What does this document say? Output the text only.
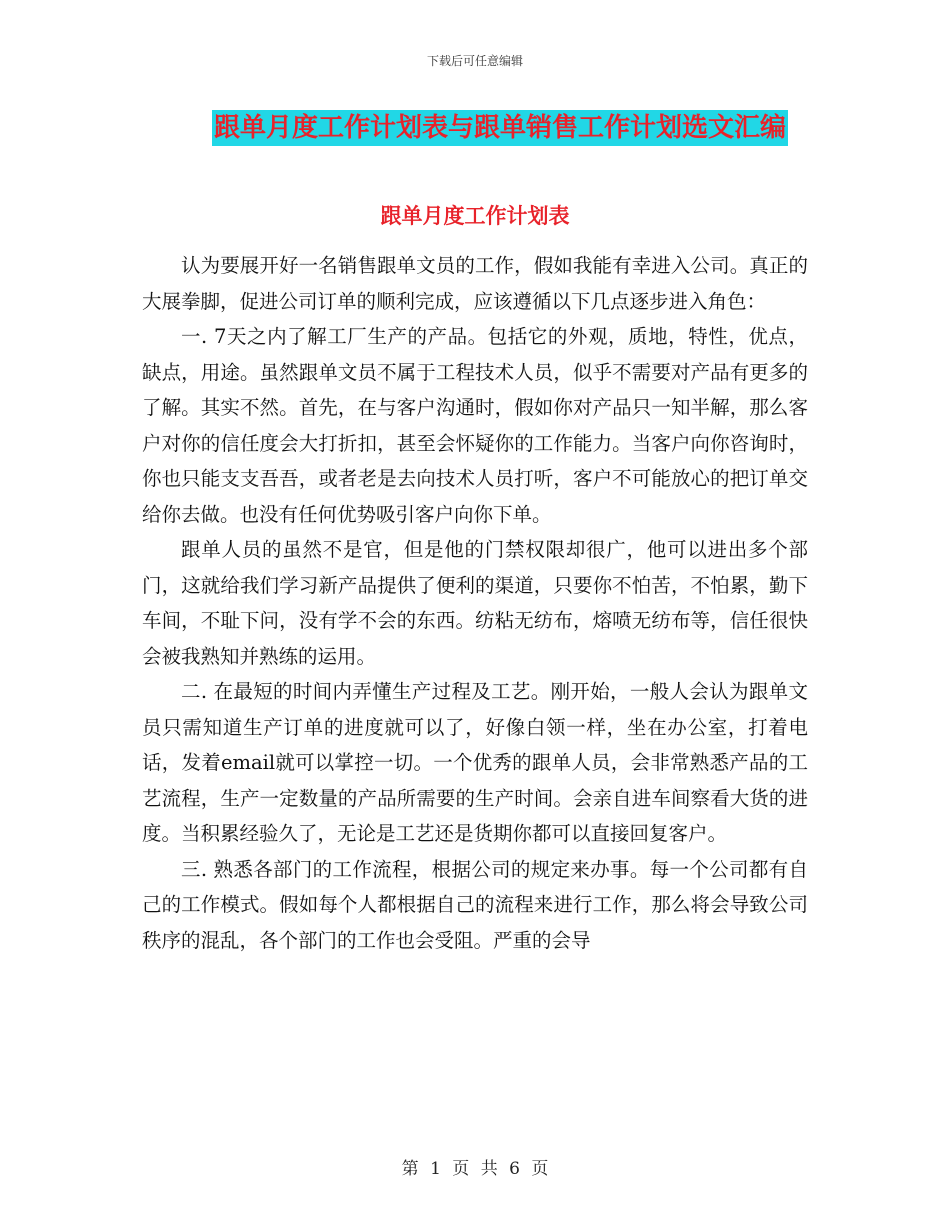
下载后可任意编辑
跟单月度工作计划表与跟单销售工作计划选文汇编
跟单月度工作计划表

认为要展开好一名销售跟单文员的工作，假如我能有幸进入公司。真正的大展拳脚，促进公司订单的顺利完成，应该遵循以下几点逐步进入角色：

一. 7天之内了解工厂生产的产品。包括它的外观，质地，特性，优点，缺点，用途。虽然跟单文员不属于工程技术人员，似乎不需要对产品有更多的了解。其实不然。首先，在与客户沟通时，假如你对产品只一知半解，那么客户对你的信任度会大打折扣，甚至会怀疑你的工作能力。当客户向你咨询时，你也只能支支吾吾，或者老是去向技术人员打听，客户不可能放心的把订单交给你去做。也没有任何优势吸引客户向你下单。

跟单人员的虽然不是官，但是他的门禁权限却很广，他可以进出多个部门，这就给我们学习新产品提供了便利的渠道，只要你不怕苦，不怕累，勤下车间，不耻下问，没有学不会的东西。纺粘无纺布，熔喷无纺布等，信任很快会被我熟知并熟练的运用。

二. 在最短的时间内弄懂生产过程及工艺。刚开始，一般人会认为跟单文员只需知道生产订单的进度就可以了，好像白领一样，坐在办公室，打着电话，发着email就可以掌控一切。一个优秀的跟单人员，会非常熟悉产品的工艺流程，生产一定数量的产品所需要的生产时间。会亲自进车间察看大货的进度。当积累经验久了，无论是工艺还是货期你都可以直接回复客户。

三. 熟悉各部门的工作流程，根据公司的规定来办事。每一个公司都有自己的工作模式。假如每个人都根据自己的流程来进行工作，那么将会导致公司秩序的混乱，各个部门的工作也会受阻。严重的会导

第 1 页 共 6 页
